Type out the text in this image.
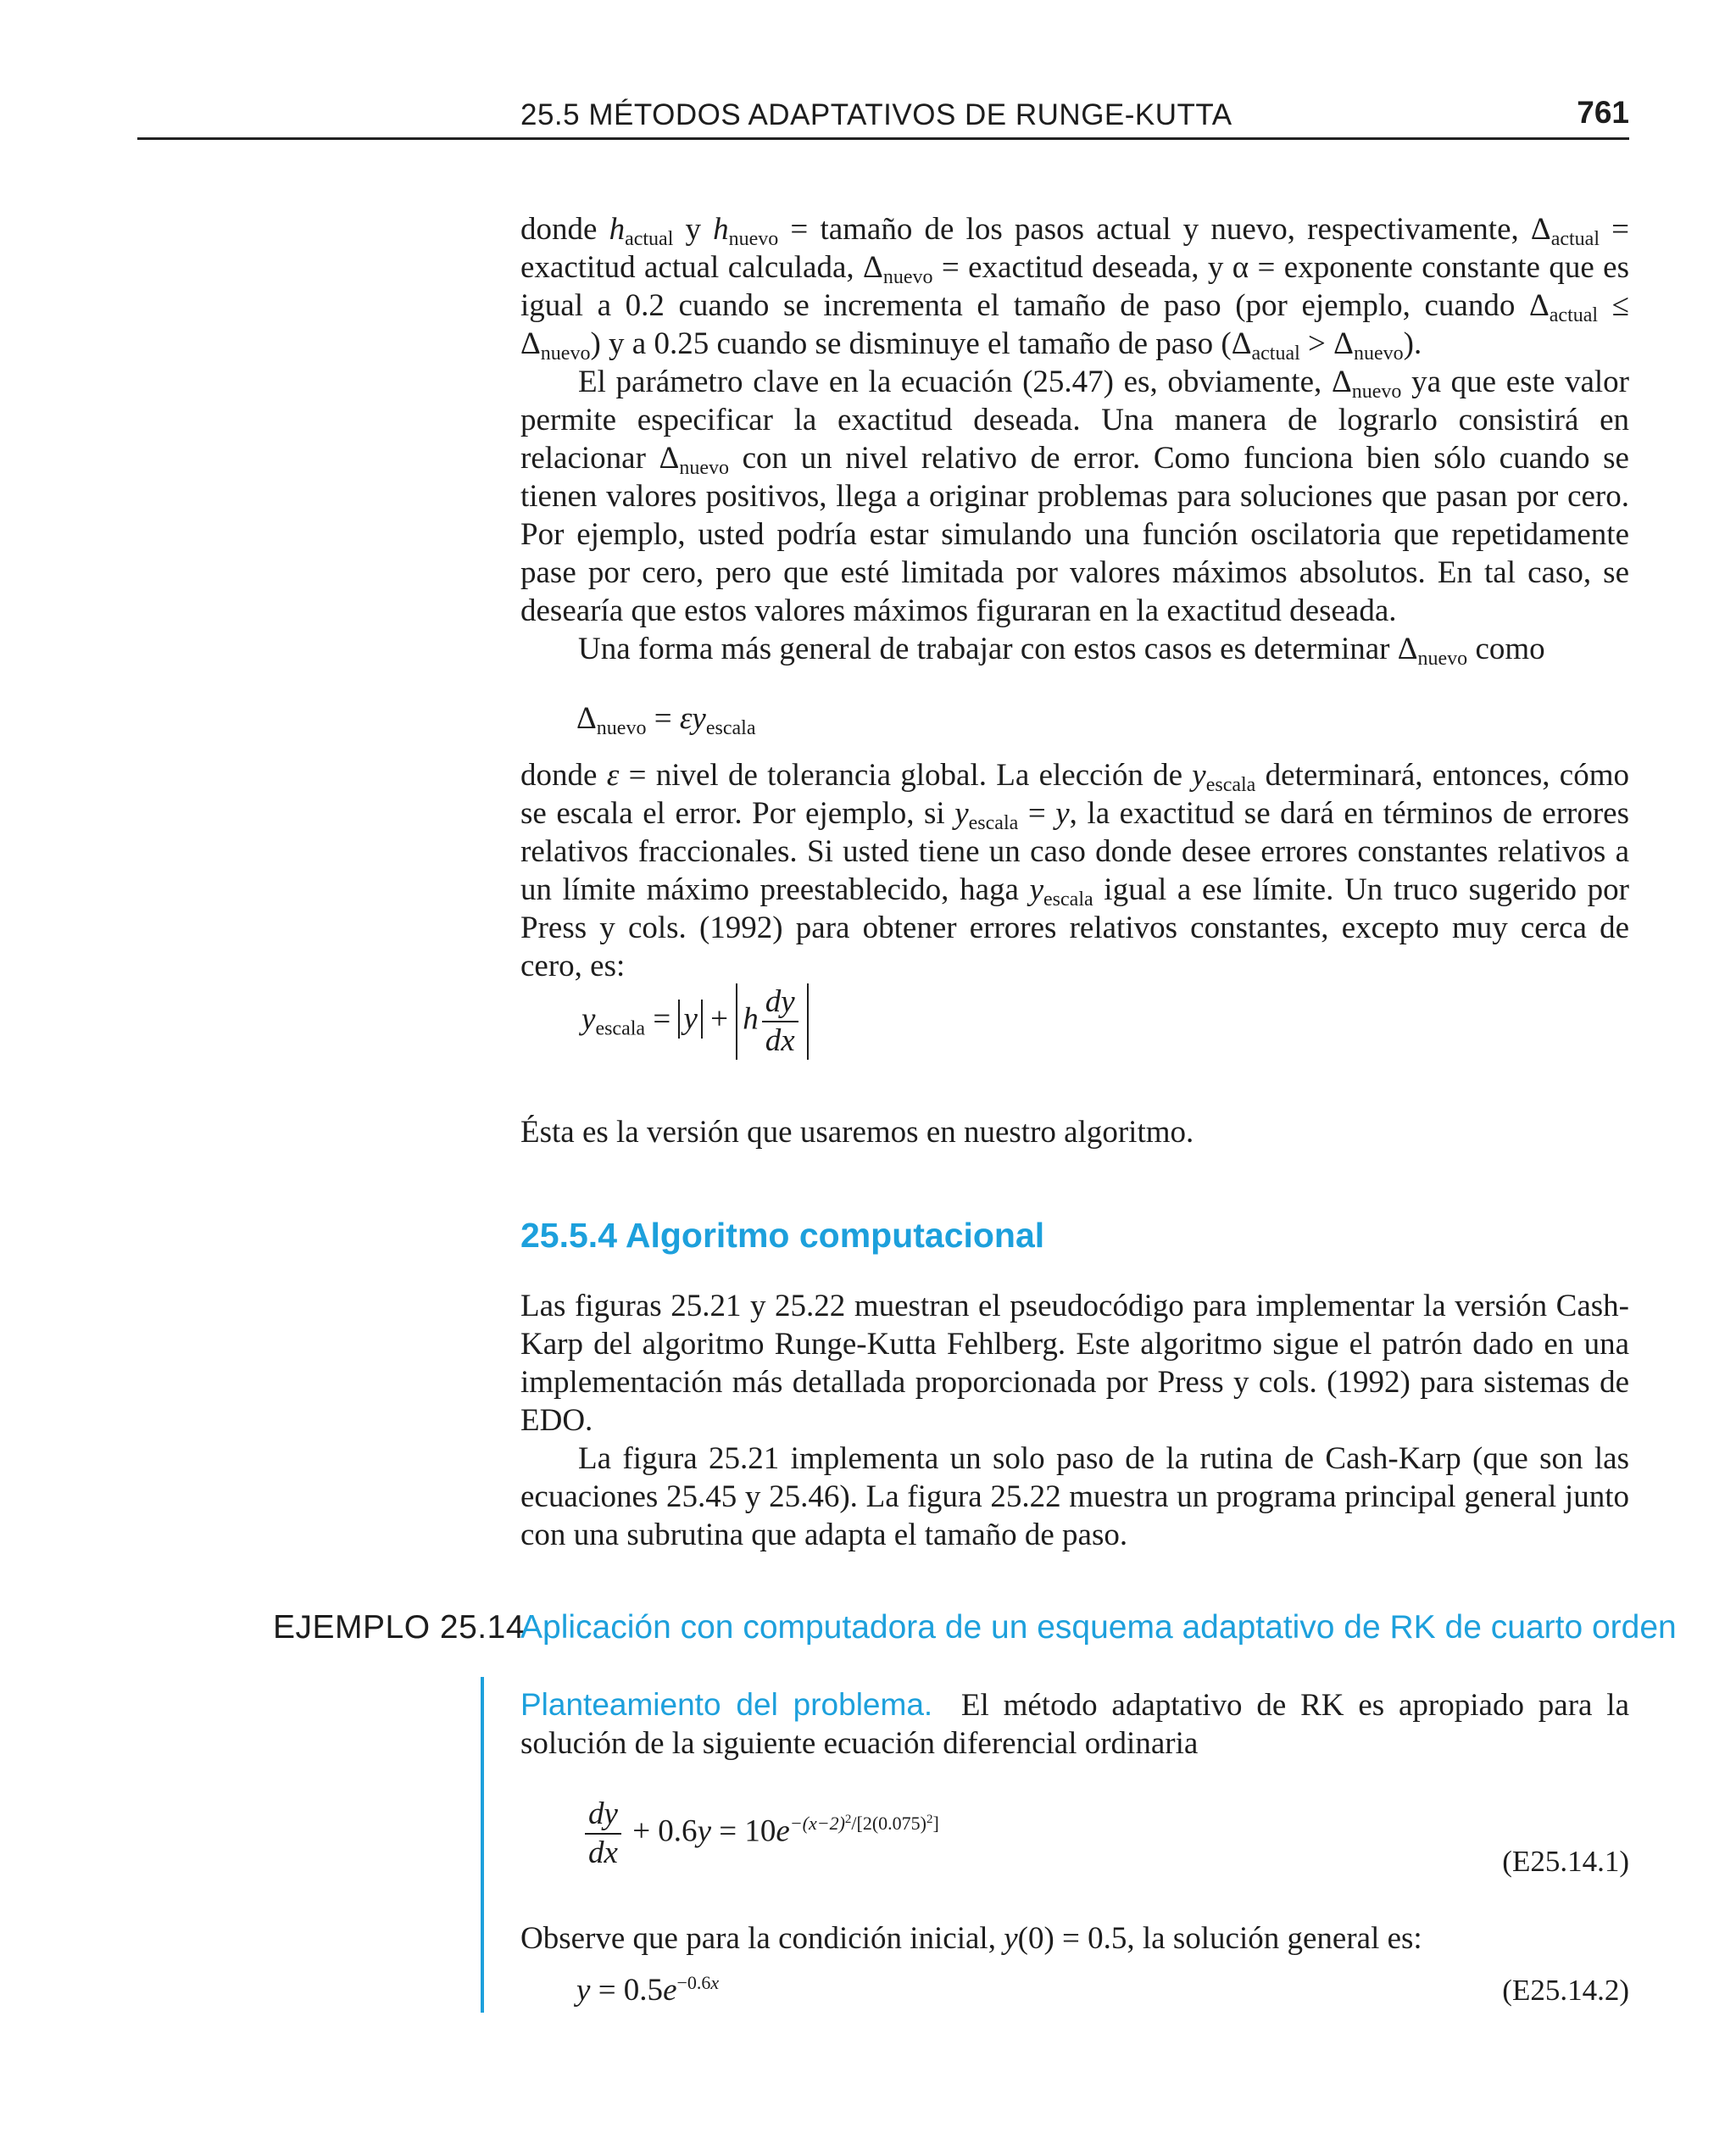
25.5 MÉTODOS ADAPTATIVOS DE RUNGE-KUTTA	761

donde $h_{actual}$ y $h_{nuevo}$ = tamaño de los pasos actual y nuevo, respectivamente, $\Delta_{actual}$ = exactitud actual calculada, $\Delta_{nuevo}$ = exactitud deseada, y α = exponente constante que es igual a 0.2 cuando se incrementa el tamaño de paso (por ejemplo, cuando $\Delta_{actual} \le \Delta_{nuevo}$) y a 0.25 cuando se disminuye el tamaño de paso $(\Delta_{actual} > \Delta_{nuevo})$.

El parámetro clave en la ecuación (25.47) es, obviamente, $\Delta_{nuevo}$ ya que este valor permite especificar la exactitud deseada. Una manera de lograrlo consistirá en relacionar $\Delta_{nuevo}$ con un nivel relativo de error. Como funciona bien sólo cuando se tienen valores positivos, llega a originar problemas para soluciones que pasan por cero. Por ejemplo, usted podría estar simulando una función oscilatoria que repetidamente pase por cero, pero que esté limitada por valores máximos absolutos. En tal caso, se desearía que estos valores máximos figuraran en la exactitud deseada.

Una forma más general de trabajar con estos casos es determinar $\Delta_{nuevo}$ como

$\Delta_{nuevo} = \varepsilon y_{escala}$

donde ε = nivel de tolerancia global. La elección de $y_{escala}$ determinará, entonces, cómo se escala el error. Por ejemplo, si $y_{escala} = y$, la exactitud se dará en términos de errores relativos fraccionales. Si usted tiene un caso donde desee errores constantes relativos a un límite máximo preestablecido, haga $y_{escala}$ igual a ese límite. Un truco sugerido por Press y cols. (1992) para obtener errores relativos constantes, excepto muy cerca de cero, es:

$y_{escala} = y + h \frac{dy}{dx}$

Ésta es la versión que usaremos en nuestro algoritmo.

Las figuras 25.21 y 25.22 muestran el pseudocódigo para implementar la versión Cash-Karp del algoritmo Runge-Kutta Fehlberg. Este algoritmo sigue el patrón dado en una implementación más detallada proporcionada por Press y cols. (1992) para sistemas de EDO.

La figura 25.21 implementa un solo paso de la rutina de Cash-Karp (que son las ecuaciones 25.45 y 25.46). La figura 25.22 muestra un programa principal general junto con una subrutina que adapta el tamaño de paso.

Planteamiento del problema. El método adaptativo de RK es apropiado para la solución de la siguiente ecuación diferencial ordinaria

$\frac{dy}{dx} + 0.6y = 10e^{-(x-2)^2/[2(0.075)^2]}$
(E25.14.1)

Observe que para la condición inicial, y(0) = 0.5, la solución general es:

$y = 0.5e^{-0.6x}$	(E25.14.2)
25.5.4 Algoritmo computacional
EJEMPLO 25.14
Aplicación con computadora de un esquema adaptativo de RK de cuarto orden
